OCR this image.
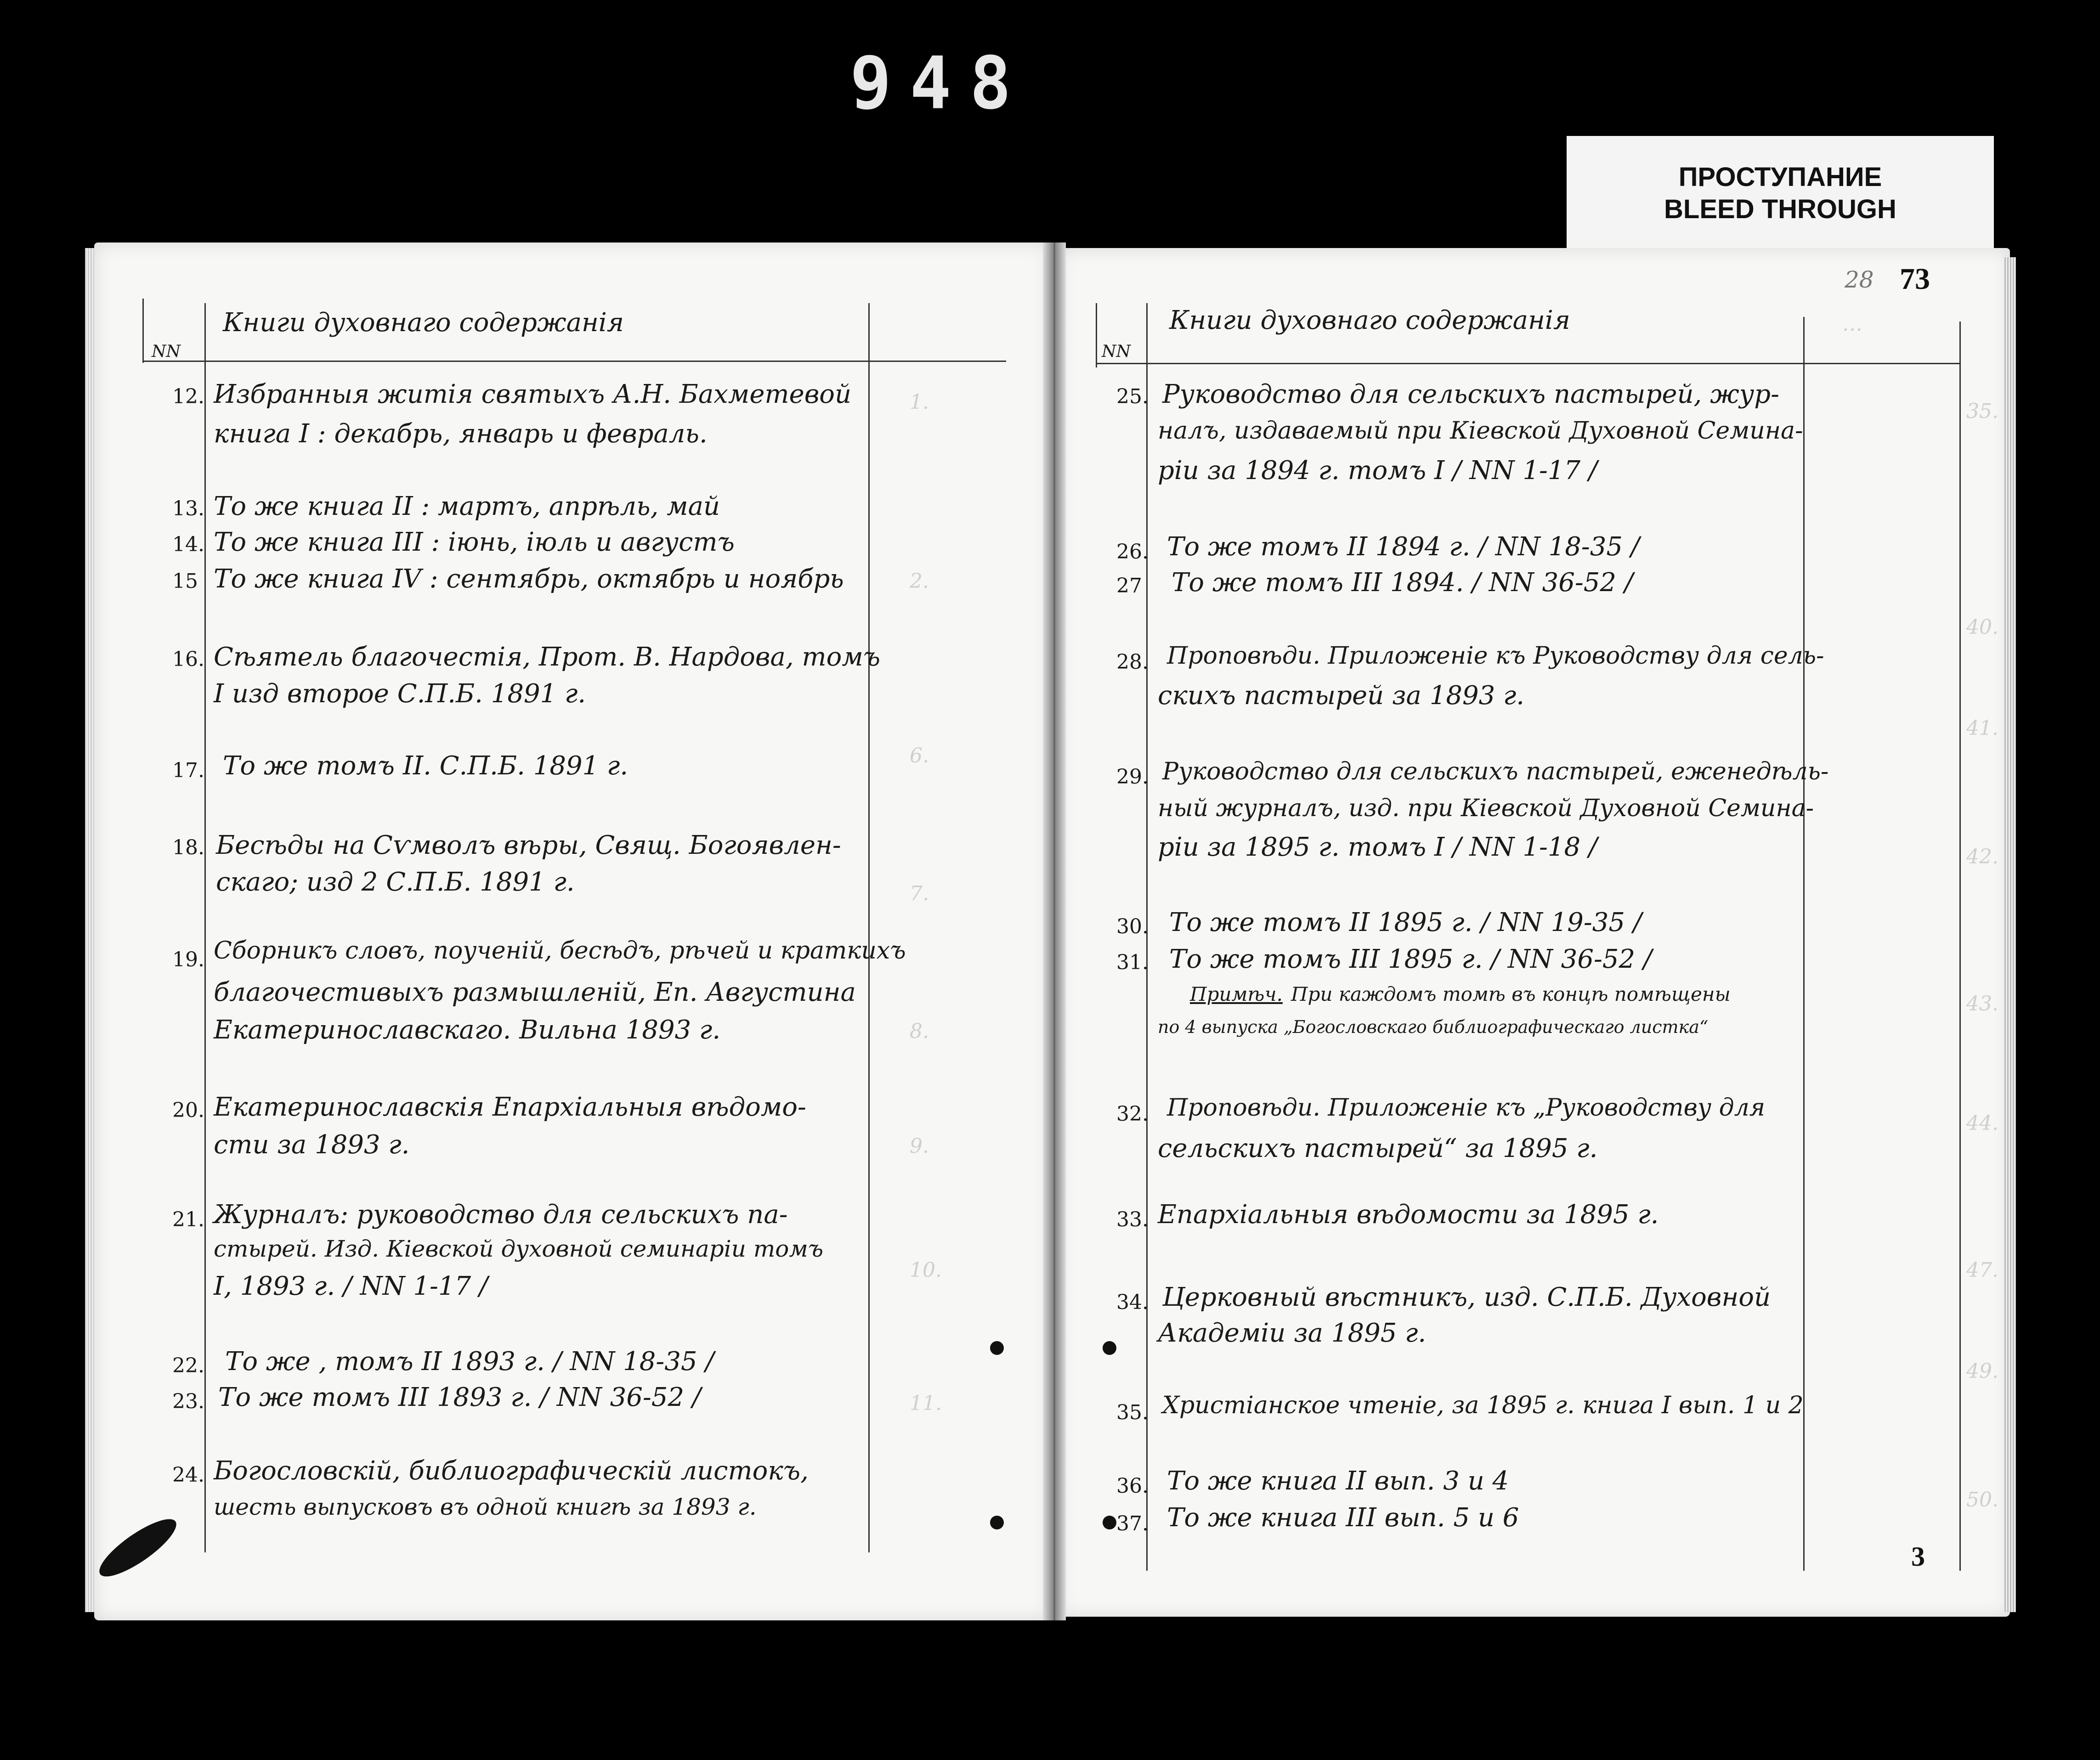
948
ПРОСТУПАНИЕ
BLEED THROUGH
1.
2.
6.
7.
8.
9.
10.
11.
NN
Книги духовнаго содержанія
12. Избранныя житія святыхъ А.Н. Бахметевой
книга I : декабрь, январь и февраль.
13. То же книга II : мартъ, апрѣль, май
14. То же книга III : іюнь, іюль и августъ
15 То же книга IV : сентябрь, октябрь и ноябрь
16. Сѣятель благочестія, Прот. В. Нардова, томъ
I изд второе С.П.Б. 1891 г.
17. То же томъ II. С.П.Б. 1891 г.
18. Бесѣды на Сѵмволъ вѣры, Свящ. Богоявлен-
скаго; изд 2 С.П.Б. 1891 г.
19. Сборникъ словъ, поученій, бесѣдъ, рѣчей и краткихъ
благочестивыхъ размышленій, Еп. Августина
Екатеринославскаго. Вильна 1893 г.
20. Екатеринославскія Епархіальныя вѣдомо-
сти за 1893 г.
21. Журналъ: руководство для сельскихъ па-
стырей. Изд. Кіевской духовной семинаріи томъ
I, 1893 г. / NN 1-17 /
22. То же , томъ II 1893 г. / NN 18-35 /
23. То же томъ III 1893 г. / NN 36-52 /
24. Богословскій, библиографическій листокъ,
шесть выпусковъ въ одной книгѣ за 1893 г.
…
35.
40.
41.
42.
43.
44.
47.
49.
50.
73
28
3
NN
Книги духовнаго содержанія
25. Руководство для сельскихъ пастырей, жур-
налъ, издаваемый при Кіевской Духовной Семина-
ріи за 1894 г. томъ I / NN 1-17 /
26. То же томъ II 1894 г. / NN 18-35 /
27 То же томъ III 1894. / NN 36-52 /
28. Проповѣди. Приложеніе къ Руководству для сель-
скихъ пастырей за 1893 г.
29. Руководство для сельскихъ пастырей, еженедѣль-
ный журналъ, изд. при Кіевской Духовной Семина-
ріи за 1895 г. томъ I / NN 1-18 /
30. То же томъ II 1895 г. / NN 19-35 /
31. То же томъ III 1895 г. / NN 36-52 /
Примѣч. При каждомъ томѣ въ концѣ помѣщены
по 4 выпуска „Богословскаго библиографическаго листка“
32. Проповѣди. Приложеніе къ „Руководству для
сельскихъ пастырей“ за 1895 г.
33. Епархіальныя вѣдомости за 1895 г.
34. Церковный вѣстникъ, изд. С.П.Б. Духовной
Академіи за 1895 г.
35. Христіанское чтеніе, за 1895 г. книга I вып. 1 и 2
36. То же книга II вып. 3 и 4
37. То же книга III вып. 5 и 6
